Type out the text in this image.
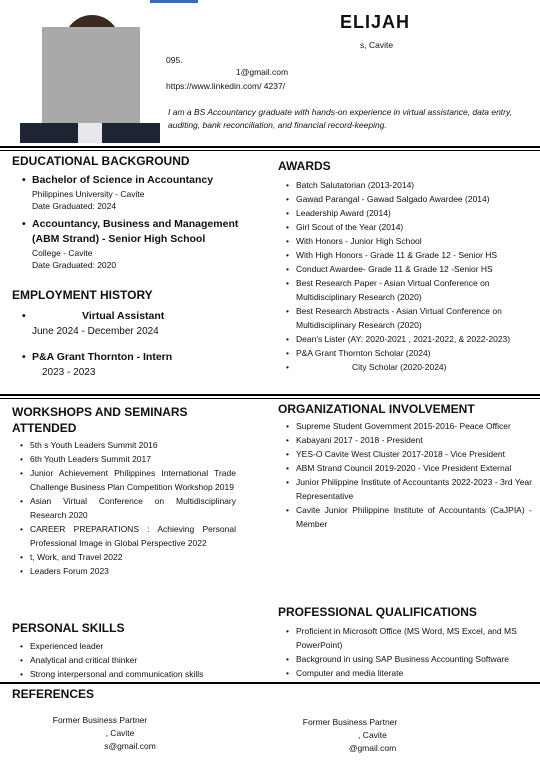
ELIJAH
s, Cavite
095.
1@gmail.com
https://www.linkedin.com/ 4237/
I am a BS Accountancy graduate with hands-on experience in virtual assistance, data entry, auditing, bank reconciliation, and financial record-keeping.
EDUCATIONAL BACKGROUND
• Bachelor of Science in Accountancy
Philippines University - Cavite
Date Graduated: 2024
• Accountancy, Business and Management (ABM Strand) - Senior High School
College - Cavite
Date Graduated: 2020
EMPLOYMENT HISTORY
• Virtual Assistant
June 2024 - December 2024
• P&A Grant Thornton - Intern
2023 - 2023
AWARDS
• Batch Salutatorian (2013-2014)
• Gawad Parangal - Gawad Salgado Awardee (2014)
• Leadership Award (2014)
• Girl Scout of the Year (2014)
• With Honors - Junior High School
• With High Honors - Grade 11 & Grade 12 - Senior HS
• Conduct Awardee- Grade 11 & Grade 12 -Senior HS
• Best Research Paper - Asian Virtual Conference on Multidisciplinary Research (2020)
• Best Research Abstracts - Asian Virtual Conference on Multidisciplinary Research (2020)
• Dean's Lister (AY: 2020-2021 , 2021-2022, & 2022-2023)
• P&A Grant Thornton Scholar (2024)
• City Scholar (2020-2024)
WORKSHOPS AND SEMINARS ATTENDED
• 5th s Youth Leaders Summit 2016
• 6th Youth Leaders Summit 2017
• Junior Achievement Philippines International Trade Challenge Business Plan Competition Workshop 2019
• Asian Virtual Conference on Multidisciplinary Research 2020
• CAREER PREPARATIONS : Achieving Personal Professional Image in Global Perspective 2022
• t, Work, and Travel 2022
• Leaders Forum 2023
ORGANIZATIONAL INVOLVEMENT
• Supreme Student Government 2015-2016- Peace Officer
• Kabayani 2017 - 2018 - President
• YES-O Cavite West Cluster 2017-2018 - Vice President
• ABM Strand Council 2019-2020 - Vice President External
• Junior Philippine Institute of Accountants 2022-2023 - 3rd Year Representative
• Cavite Junior Philippine Institute of Accountants (CaJPIA) - Member
PERSONAL SKILLS
• Experienced leader
• Analytical and critical thinker
• Strong interpersonal and communication skills
PROFESSIONAL QUALIFICATIONS
• Proficient in Microsoft Office (MS Word, MS Excel, and MS PowerPoint)
• Background in using SAP Business Accounting Software
• Computer and media literate
REFERENCES
Former Business Partner
, Cavite
s@gmail.com
Former Business Partner
, Cavite
@gmail.com
